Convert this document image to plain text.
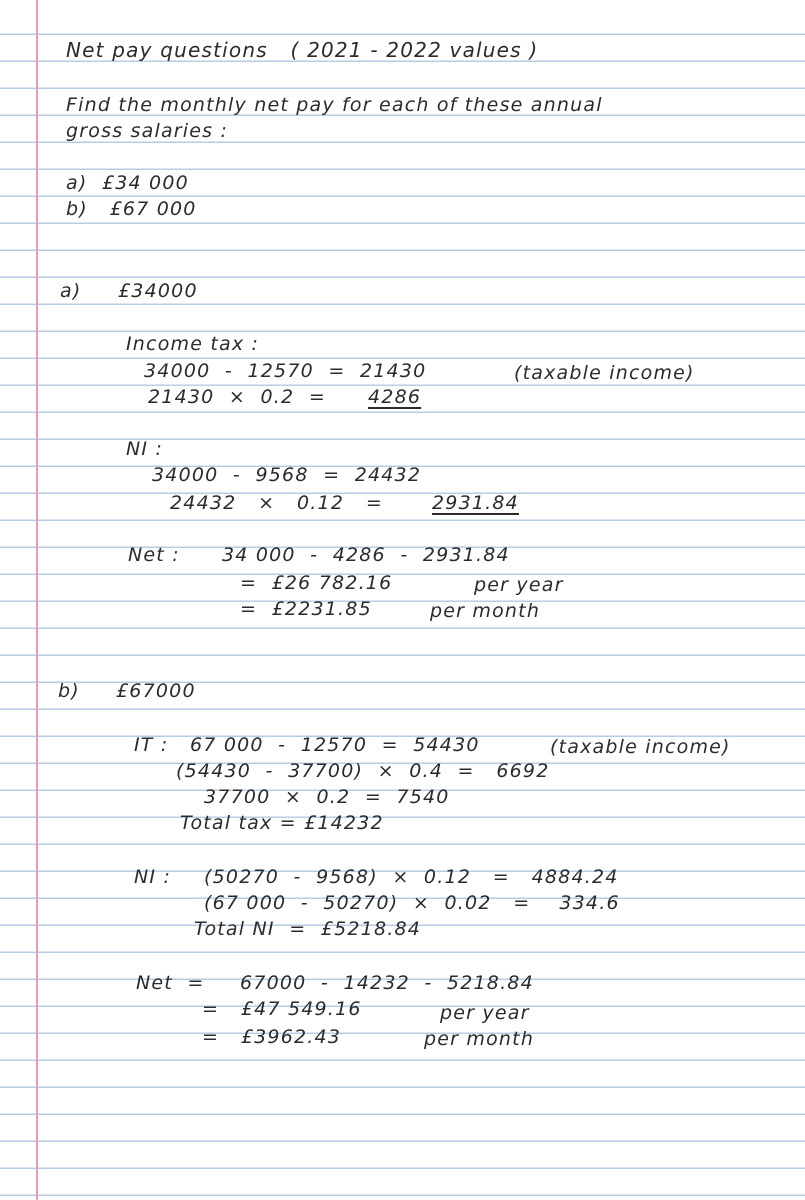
Net pay questions   ( 2021 - 2022 values )
Find the monthly net pay for each of these annual
gross salaries :
a)  £34 000
b)   £67 000
a) £34000
Income tax :
34000  -  12570  =  21430	(taxable income)
21430  ×  0.2  = 4286
NI :
34000  -  9568  =  24432
24432   ×   0.12   =	2931.84
Net : 34 000  -  4286  -  2931.84
=  £26 782.16	per year
=  £2231.85	per month
b) £67000
IT : 67 000  -  12570  =  54430	(taxable income)
(54430  -  37700)  ×  0.4  =   6692
37700  ×  0.2  =  7540
Total tax = £14232
NI : (50270  -  9568)  ×  0.12   =   4884.24
(67 000  -  50270)  ×  0.02   =    334.6
Total NI  =  £5218.84
Net  = 67000  -  14232  -  5218.84
=   £47 549.16	per year
=   £3962.43	per month
